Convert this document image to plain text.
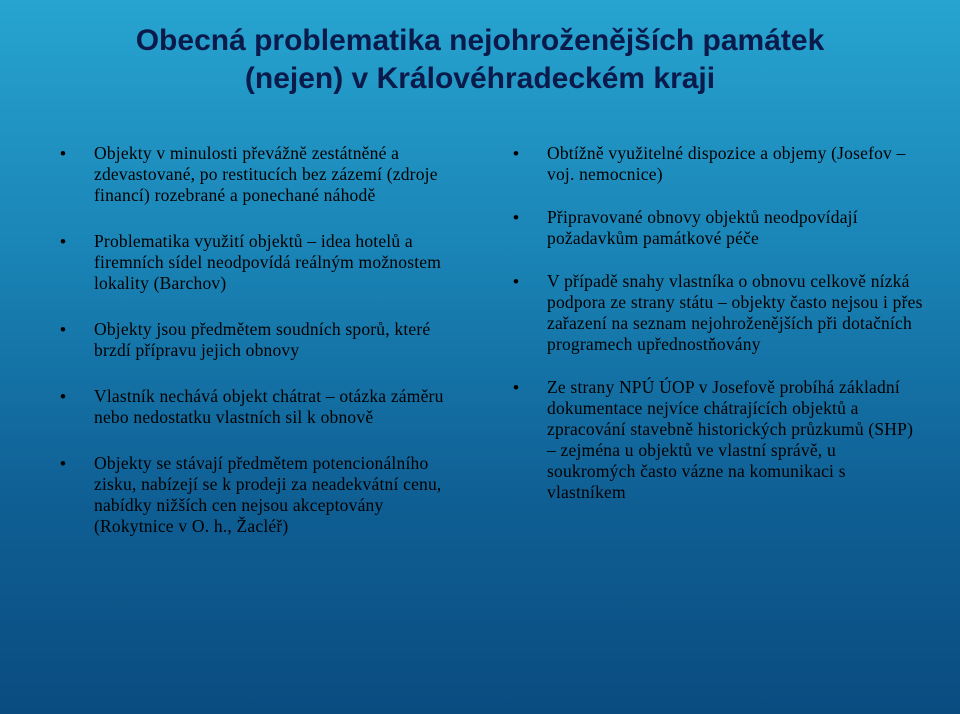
Obecná problematika nejohroženějších památek
(nejen) v Královéhradeckém kraji
• Objekty v minulosti převážně zestátněné a zdevastované, po restitucích bez zázemí (zdroje financí) rozebrané a ponechané náhodě
• Problematika využití objektů – idea hotelů a firemních sídel neodpovídá reálným možnostem lokality (Barchov)
• Objekty jsou předmětem soudních sporů, které brzdí přípravu jejich obnovy
• Vlastník nechává objekt chátrat – otázka záměru nebo nedostatku vlastních sil k obnově
• Objekty se stávají předmětem potencionálního zisku, nabízejí se k prodeji za neadekvátní cenu, nabídky nižších cen nejsou akceptovány (Rokytnice v O. h., Žacléř)
• Obtížně využitelné dispozice a objemy (Josefov – voj. nemocnice)
• Připravované obnovy objektů neodpovídají požadavkům památkové péče
• V případě snahy vlastníka o obnovu celkově nízká podpora ze strany státu – objekty často nejsou i přes zařazení na seznam nejohroženějších při dotačních programech upřednostňovány
• Ze strany NPÚ ÚOP v Josefově probíhá základní dokumentace nejvíce chátrajících objektů a zpracování stavebně historických průzkumů (SHP) – zejména u objektů ve vlastní správě, u soukromých často vázne na komunikaci s vlastníkem
